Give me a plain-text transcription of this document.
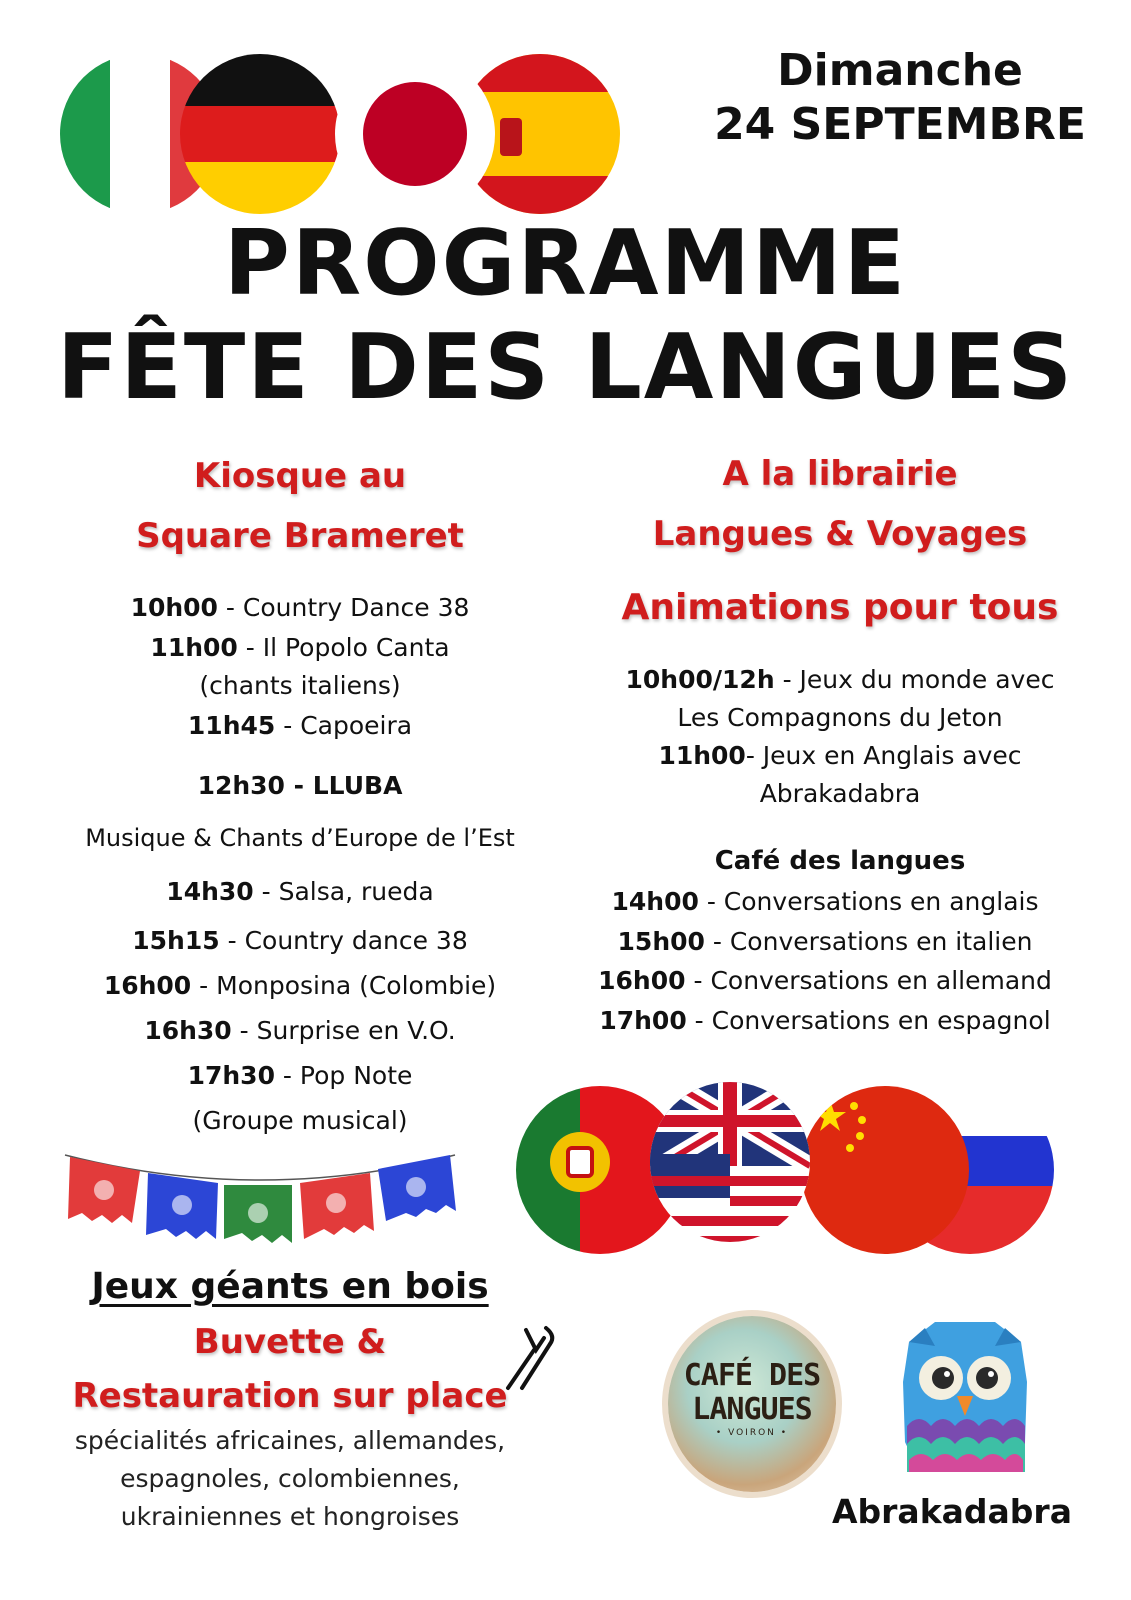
Dimanche
24 SEPTEMBRE
PROGRAMME
FÊTE DES LANGUES
Kiosque au
Square Brameret
10h00 - Country Dance 38
11h00 - Il Popolo Canta
(chants italiens)
11h45 - Capoeira
12h30 - LLUBA
Musique & Chants d’Europe de l’Est
14h30 - Salsa, rueda
15h15 - Country dance 38
16h00 - Monposina (Colombie)
16h30 - Surprise en V.O.
17h30 - Pop Note
(Groupe musical)
Jeux géants en bois
Buvette &
Restauration sur place
spécialités africaines, allemandes,
espagnoles, colombiennes,
ukrainiennes et hongroises
A la librairie
Langues & Voyages
Animations pour tous
10h00/12h - Jeux du monde avec
Les Compagnons du Jeton
11h00- Jeux en Anglais avec
Abrakadabra
Café des langues
14h00 - Conversations en anglais
15h00 - Conversations en italien
16h00 - Conversations en allemand
17h00 - Conversations en espagnol
CAFÉ DES
LANGUES
• VOIRON •
Abrakadabra
